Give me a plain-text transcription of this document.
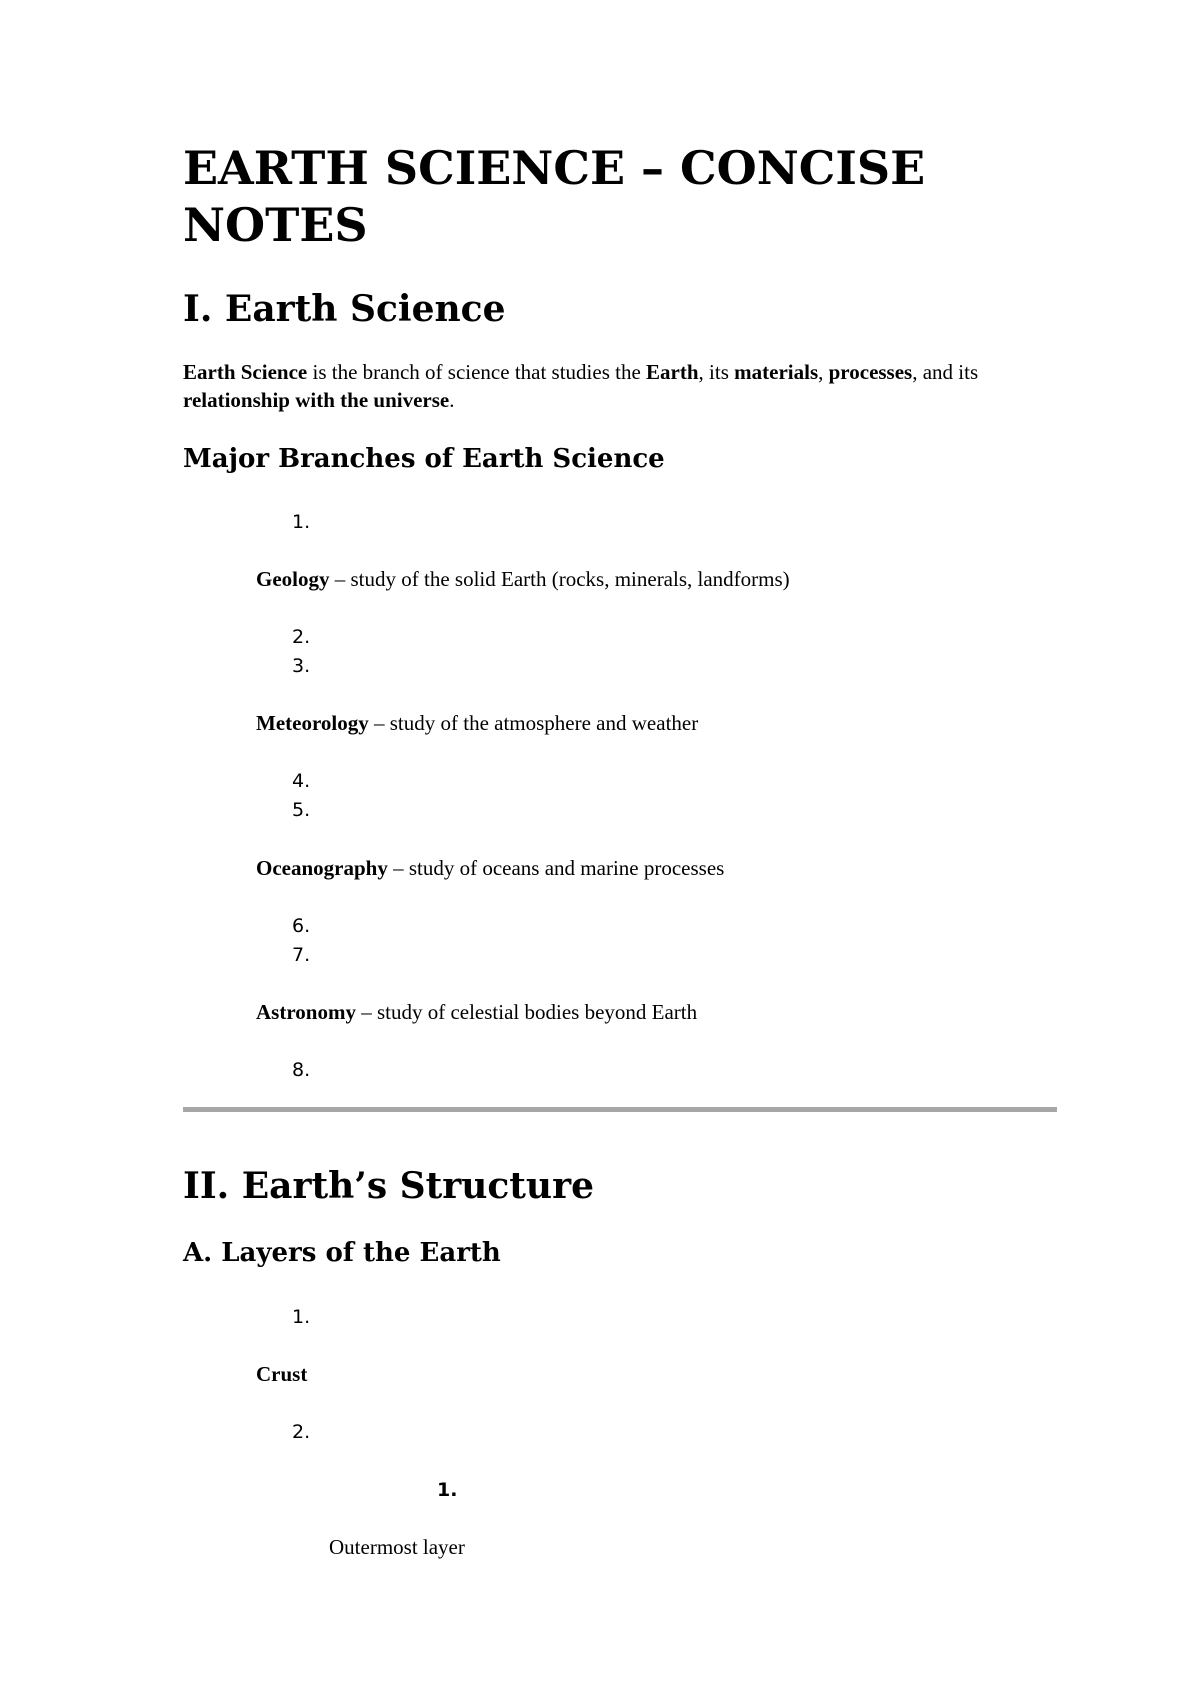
EARTH SCIENCE – CONCISE NOTES
I. Earth Science

Earth Science is the branch of science that studies the Earth, its materials, processes, and its relationship with the universe.

Major Branches of Earth Science
1.
2.
3.
4.
5.
6.
7.
8.
Geology – study of the solid Earth (rocks, minerals, landforms)
Meteorology – study of the atmosphere and weather
Oceanography – study of oceans and marine processes
Astronomy – study of celestial bodies beyond Earth
II. Earth’s Structure
A. Layers of the Earth
1.
Crust
2.
1.
Outermost layer
